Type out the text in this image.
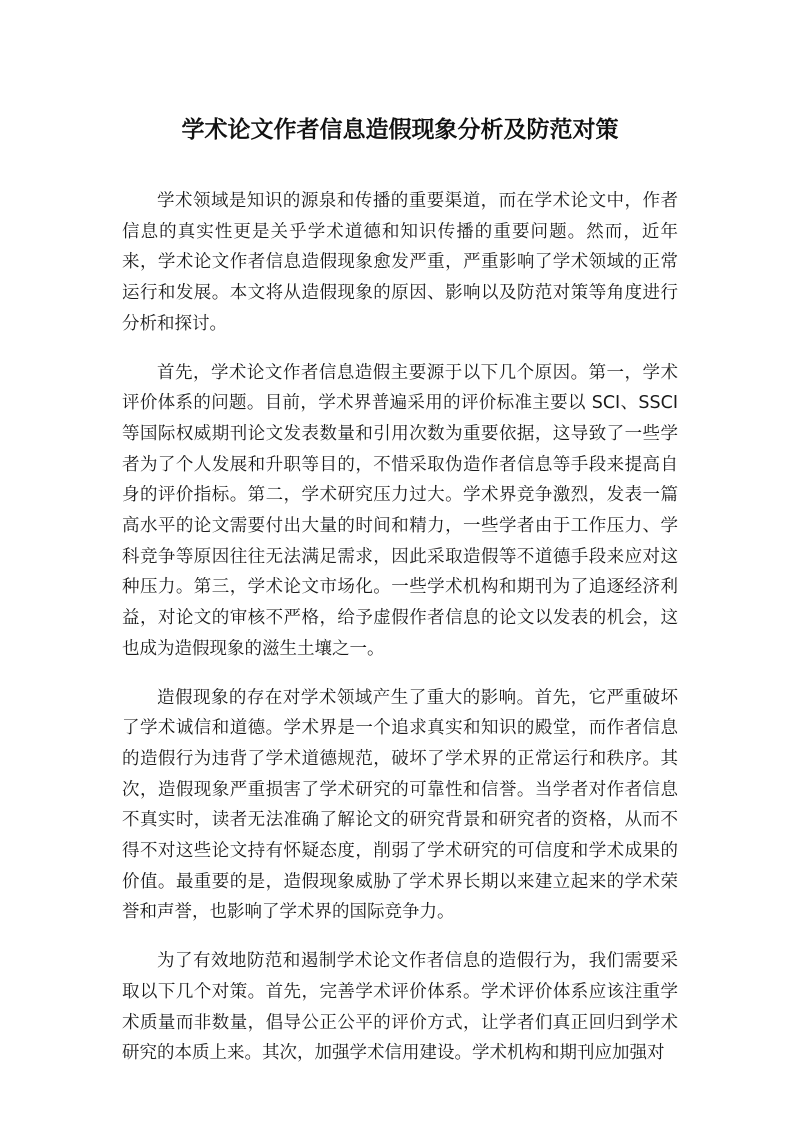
学术论文作者信息造假现象分析及防范对策

学术领域是知识的源泉和传播的重要渠道，而在学术论文中，作者信息的真实性更是关乎学术道德和知识传播的重要问题。然而，近年来，学术论文作者信息造假现象愈发严重，严重影响了学术领域的正常运行和发展。本文将从造假现象的原因、影响以及防范对策等角度进行分析和探讨。

首先，学术论文作者信息造假主要源于以下几个原因。第一，学术评价体系的问题。目前，学术界普遍采用的评价标准主要以 SCI、SSCI 等国际权威期刊论文发表数量和引用次数为重要依据，这导致了一些学者为了个人发展和升职等目的，不惜采取伪造作者信息等手段来提高自身的评价指标。第二，学术研究压力过大。学术界竞争激烈，发表一篇高水平的论文需要付出大量的时间和精力，一些学者由于工作压力、学科竞争等原因往往无法满足需求，因此采取造假等不道德手段来应对这种压力。第三，学术论文市场化。一些学术机构和期刊为了追逐经济利益，对论文的审核不严格，给予虚假作者信息的论文以发表的机会，这也成为造假现象的滋生土壤之一。

造假现象的存在对学术领域产生了重大的影响。首先，它严重破坏了学术诚信和道德。学术界是一个追求真实和知识的殿堂，而作者信息的造假行为违背了学术道德规范，破坏了学术界的正常运行和秩序。其次，造假现象严重损害了学术研究的可靠性和信誉。当学者对作者信息不真实时，读者无法准确了解论文的研究背景和研究者的资格，从而不得不对这些论文持有怀疑态度，削弱了学术研究的可信度和学术成果的价值。最重要的是，造假现象威胁了学术界长期以来建立起来的学术荣誉和声誉，也影响了学术界的国际竞争力。

为了有效地防范和遏制学术论文作者信息的造假行为，我们需要采取以下几个对策。首先，完善学术评价体系。学术评价体系应该注重学术质量而非数量，倡导公正公平的评价方式，让学者们真正回归到学术研究的本质上来。其次，加强学术信用建设。学术机构和期刊应加强对
